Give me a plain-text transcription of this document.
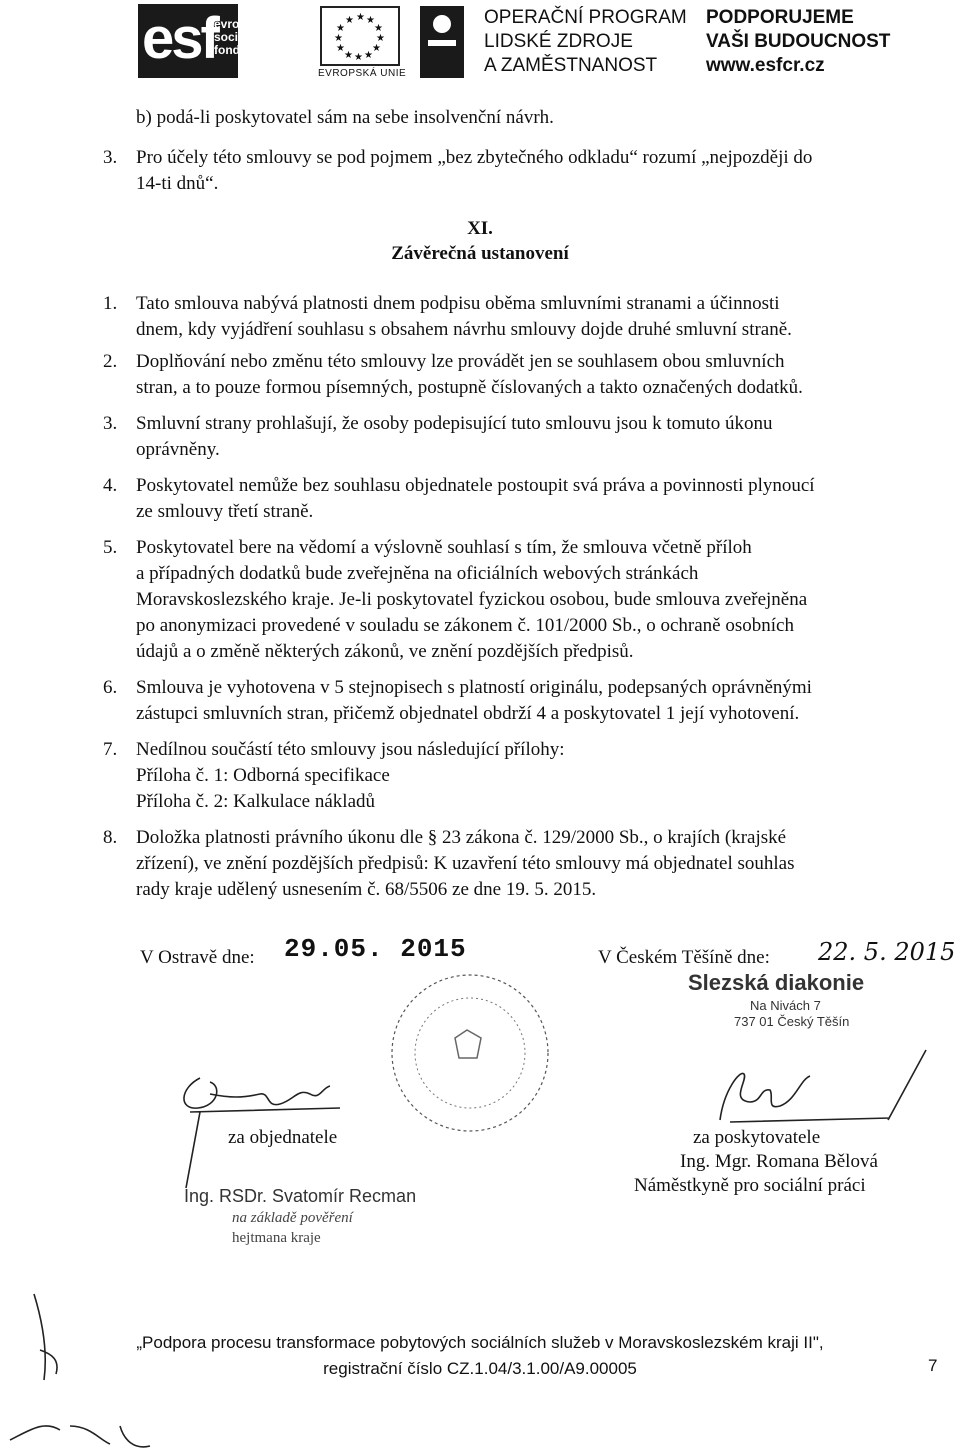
esf
evropský
sociální
fond v ČR
★ ★
★
★
★
★
★
★
★
★
★
★
EVROPSKÁ UNIE
OPERAČNÍ PROGRAM
LIDSKÉ ZDROJE
A ZAMĚSTNANOST
PODPORUJEME
VAŠI BUDOUCNOST
www.esfcr.cz
b) podá-li poskytovatel sám na sebe insolvenční návrh.
3. Pro účely této smlouvy se pod pojmem „bez zbytečného odkladu“ rozumí „nejpozději do
14-ti dnů“.
XI.
Závěrečná ustanovení
1. Tato smlouva nabývá platnosti dnem podpisu oběma smluvními stranami a účinnosti
dnem, kdy vyjádření souhlasu s obsahem návrhu smlouvy dojde druhé smluvní straně.
2. Doplňování nebo změnu této smlouvy lze provádět jen se souhlasem obou smluvních
stran, a to pouze formou písemných, postupně číslovaných a takto označených dodatků.
3. Smluvní strany prohlašují, že osoby podepisující tuto smlouvu jsou k tomuto úkonu
oprávněny.
4. Poskytovatel nemůže bez souhlasu objednatele postoupit svá práva a povinnosti plynoucí
ze smlouvy třetí straně.
5. Poskytovatel bere na vědomí a výslovně souhlasí s tím, že smlouva včetně příloh
a případných dodatků bude zveřejněna na oficiálních webových stránkách
Moravskoslezského kraje. Je-li poskytovatel fyzickou osobou, bude smlouva zveřejněna
po anonymizaci provedené v souladu se zákonem č. 101/2000 Sb., o ochraně osobních
údajů a o změně některých zákonů, ve znění pozdějších předpisů.
6. Smlouva je vyhotovena v 5 stejnopisech s platností originálu, podepsaných oprávněnými
zástupci smluvních stran, přičemž objednatel obdrží 4 a poskytovatel 1 její vyhotovení.
7. Nedílnou součástí této smlouvy jsou následující přílohy:
Příloha č. 1: Odborná specifikace
Příloha č. 2: Kalkulace nákladů
8. Doložka platnosti právního úkonu dle § 23 zákona č. 129/2000 Sb., o krajích (krajské
zřízení), ve znění pozdějších předpisů: K uzavření této smlouvy má objednatel souhlas
rady kraje udělený usnesením č. 68/5506 ze dne 19. 5. 2015.
V Ostravě dne: 29.05. 2015	V Českém Těšíně dne: 22. 5. 2015
Slezská diakonie
Na Nivách 7
737 01 Český Těšín
za objednatele
Ing. RSDr. Svatomír Recman
na základě pověření
hejtmana kraje
za poskytovatele
Ing. Mgr. Romana Bělová
Náměstkyně pro sociální práci
„Podpora procesu transformace pobytových sociálních služeb v Moravskoslezském kraji II",
registrační číslo CZ.1.04/3.1.00/A9.00005	7
